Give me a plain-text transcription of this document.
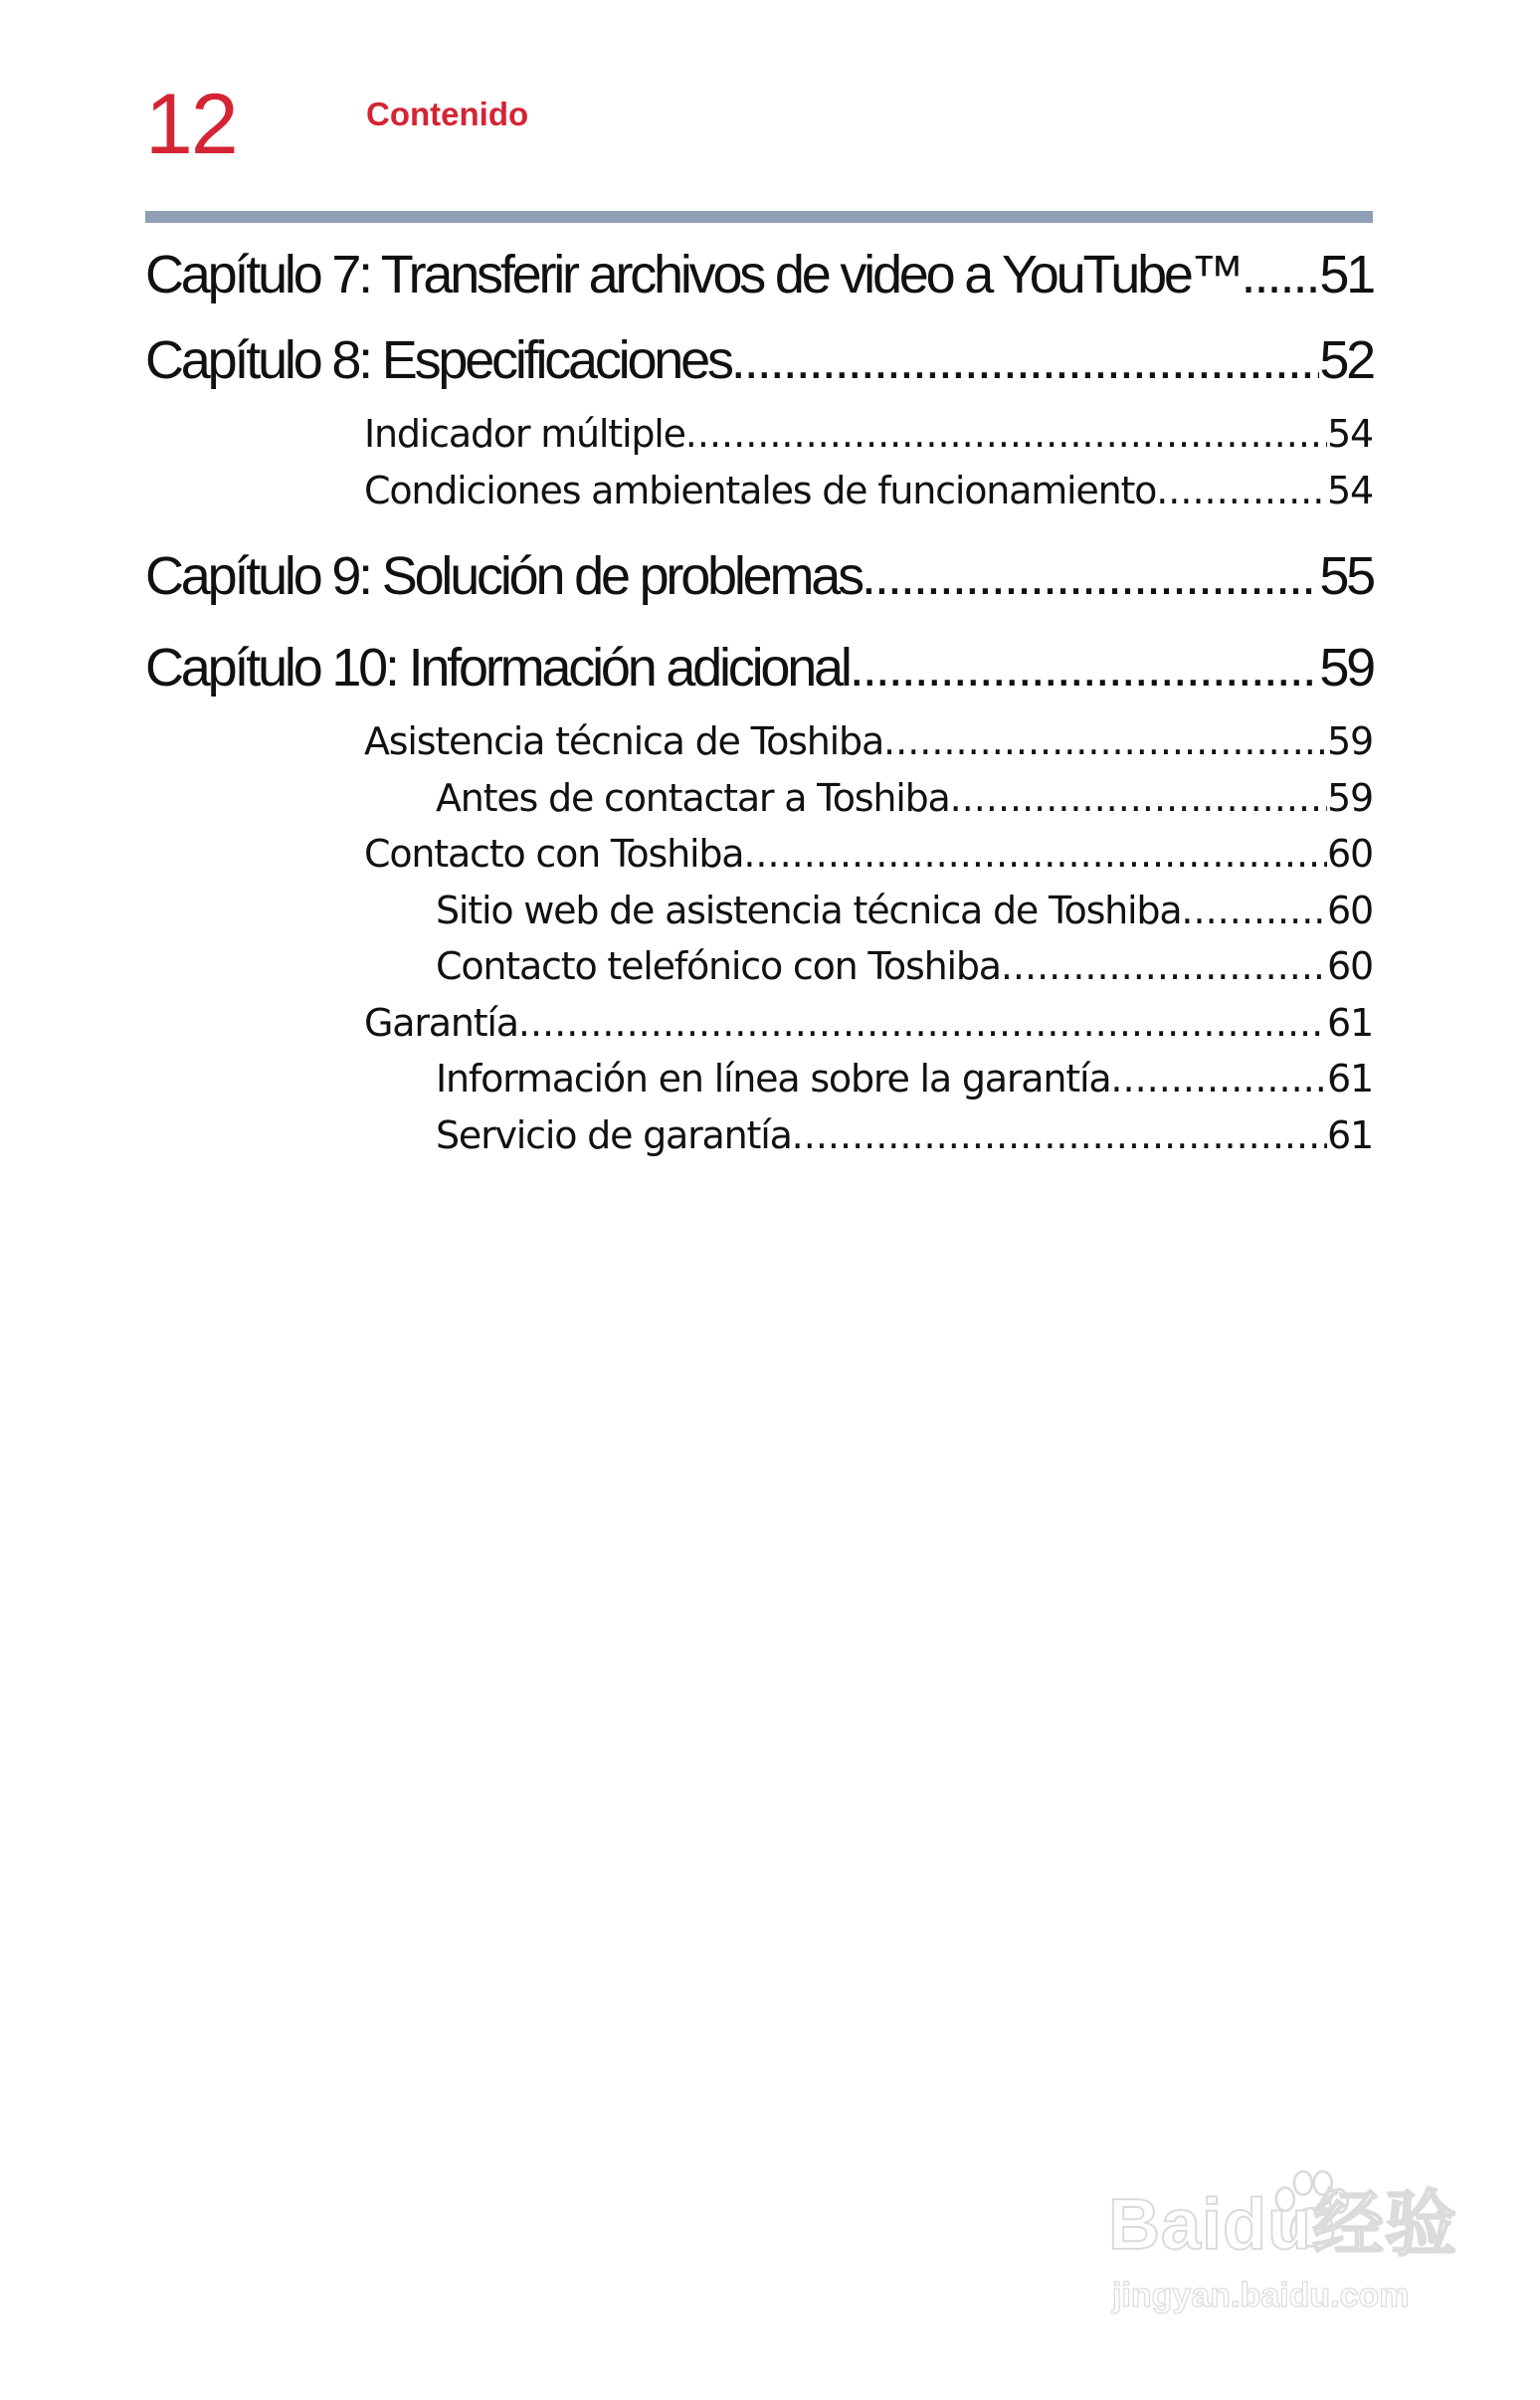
12	Contenido
Capítulo 7: Transferir archivos de video a YouTube™ ..... 51
Capítulo 8: Especificaciones .....	52
Indicador múltiple .....	54
Condiciones ambientales de funcionamiento .....	54
Capítulo 9: Solución de problemas .....	55
Capítulo 10: Información adicional .....	59
Asistencia técnica de Toshiba .....	59
Antes de contactar a Toshiba .....	59
Contacto con Toshiba .....	60
Sitio web de asistencia técnica de Toshiba .....	60
Contacto telefónico con Toshiba .....	60
Garantía .....	61
Información en línea sobre la garantía .....	61
Servicio de garantía .....	61
Baidu经验
jingyan.baidu.com
